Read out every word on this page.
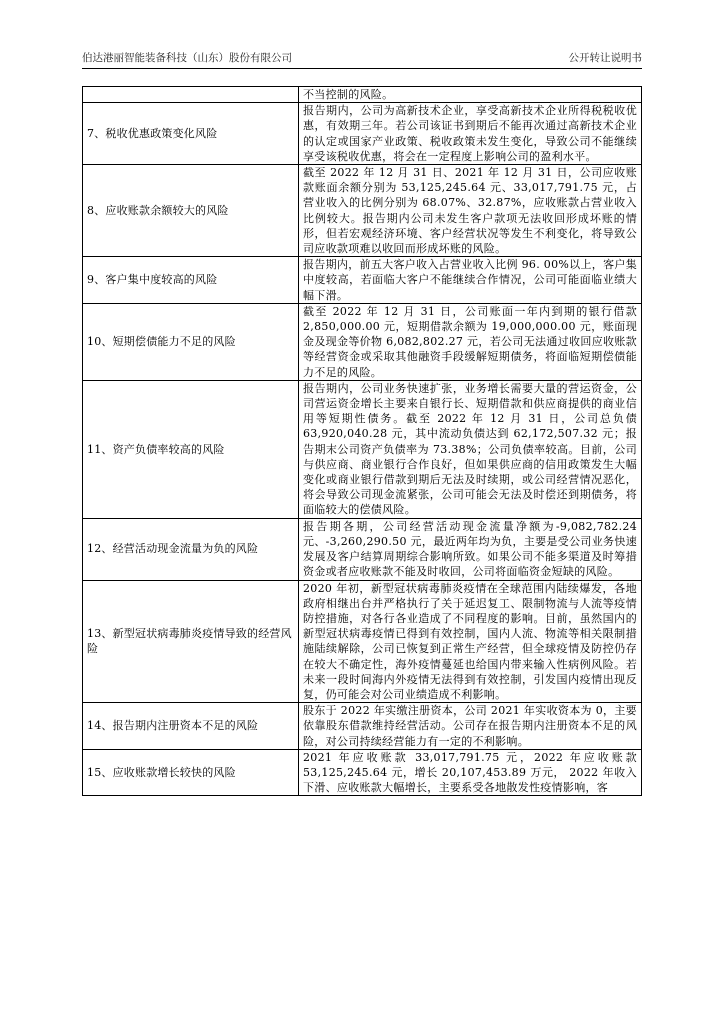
伯达港丽智能装备科技（山东）股份有限公司	公开转让说明书
	不当控制的风险。
7、税收优惠政策变化风险	报告期内，公司为高新技术企业，享受高新技术企业所得税税收优惠，有效期三年。若公司该证书到期后不能再次通过高新技术企业的认定或国家产业政策、税收政策未发生变化，导致公司不能继续享受该税收优惠，将会在一定程度上影响公司的盈利水平。
8、应收账款余额较大的风险	截至 2022 年 12 月 31 日、2021 年 12 月 31 日，公司应收账款账面余额分别为 53,125,245.64 元、33,017,791.75 元，占营业收入的比例分别为 68.07%、32.87%，应收账款占营业收入比例较大。报告期内公司未发生客户款项无法收回形成坏账的情形，但若宏观经济环境、客户经营状况等发生不利变化，将导致公司应收款项难以收回而形成坏账的风险。
9、客户集中度较高的风险	报告期内，前五大客户收入占营业收入比例 96. 00%以上，客户集中度较高，若面临大客户不能继续合作情况，公司可能面临业绩大幅下滑。
10、短期偿债能力不足的风险	截至 2022 年 12 月 31 日，公司账面一年内到期的银行借款 2,850,000.00 元，短期借款余额为 19,000,000.00 元，账面现金及现金等价物 6,082,802.27 元，若公司无法通过收回应收账款等经营资金或采取其他融资手段缓解短期债务，将面临短期偿债能力不足的风险。
11、资产负债率较高的风险	报告期内，公司业务快速扩张，业务增长需要大量的营运资金，公司营运资金增长主要来自银行长、短期借款和供应商提供的商业信用等短期性债务。截至 2022 年 12 月 31 日，公司总负债 63,920,040.28 元，其中流动负债达到 62,172,507.32 元；报告期末公司资产负债率为 73.38%；公司负债率较高。目前，公司与供应商、商业银行合作良好，但如果供应商的信用政策发生大幅变化或商业银行借款到期后无法及时续期，或公司经营情况恶化，将会导致公司现金流紧张，公司可能会无法及时偿还到期债务，将面临较大的偿债风险。
12、经营活动现金流量为负的风险	报告期各期，公司经营活动现金流量净额为-9,082,782.24 元、-3,260,290.50 元，最近两年均为负，主要是受公司业务快速发展及客户结算周期综合影响所致。如果公司不能多渠道及时筹措资金或者应收账款不能及时收回，公司将面临资金短缺的风险。
13、新型冠状病毒肺炎疫情导致的经营风险	2020 年初，新型冠状病毒肺炎疫情在全球范围内陆续爆发，各地政府相继出台并严格执行了关于延迟复工、限制物流与人流等疫情防控措施，对各行各业造成了不同程度的影响。目前，虽然国内的新型冠状病毒疫情已得到有效控制，国内人流、物流等相关限制措施陆续解除，公司已恢复到正常生产经营，但全球疫情及防控仍存在较大不确定性，海外疫情蔓延也给国内带来输入性病例风险。若未来一段时间海内外疫情无法得到有效控制，引发国内疫情出现反复，仍可能会对公司业绩造成不利影响。
14、报告期内注册资本不足的风险	股东于 2022 年实缴注册资本，公司 2021 年实收资本为 0，主要依靠股东借款维持经营活动。公司存在报告期内注册资本不足的风险，对公司持续经营能力有一定的不利影响。
15、应收账款增长较快的风险	2021 年应收账款 33,017,791.75 元，2022 年应收账款 53,125,245.64 元，增长 20,107,453.89 万元， 2022 年收入下滑、应收账款大幅增长，主要系受各地散发性疫情影响，客
